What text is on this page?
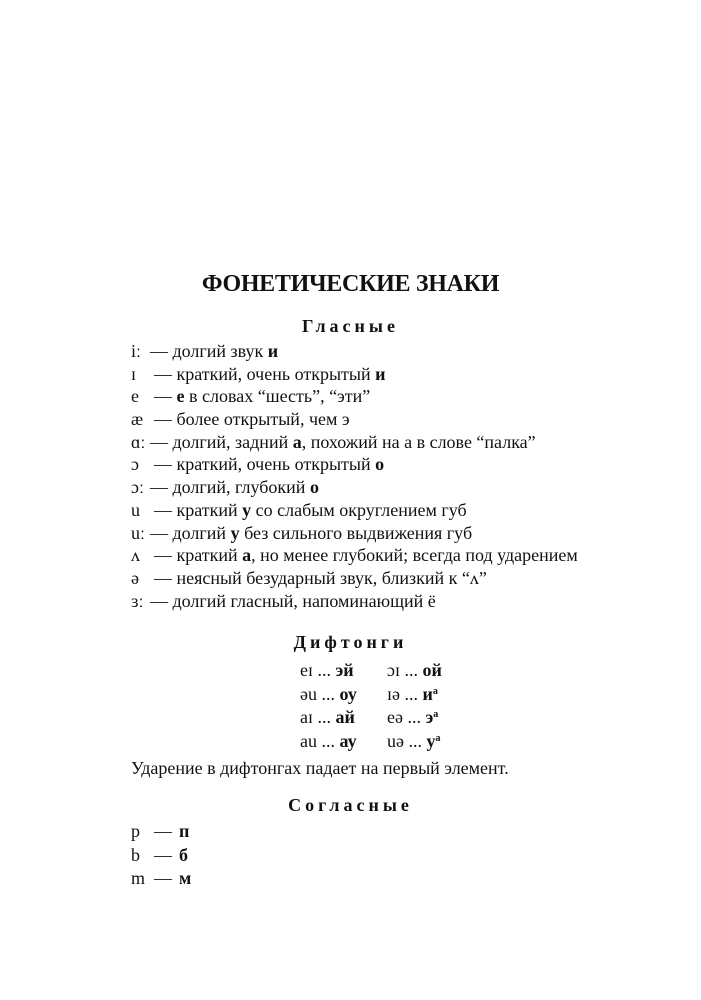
ФОНЕТИЧЕСКИЕ ЗНАКИ
Гласные
iː — долгий звук и
ɪ — краткий, очень открытый и
e — е в словах “шесть”, “эти”
æ — более открытый, чем э
ɑː — долгий, задний а, похожий на а в слове “палка”
ɔ — краткий, очень открытый о
ɔː — долгий, глубокий о
u — краткий у со слабым округлением губ
uː — долгий у без сильного выдвижения губ
ʌ — краткий а, но менее глубокий; всегда под ударением
ə — неясный безударный звук, близкий к “ʌ”
ɜː — долгий гласный, напоминающий ё
Дифтонги
eɪ ... эй	ɔɪ ... ой
əu ... оу	ɪə ... $и^а$
aɪ ... ай	eə ... $э^а$
au ... ау	uə ... $у^а$

Ударение в дифтонгах падает на первый элемент.

Согласные
p — п
b — б
m — м
